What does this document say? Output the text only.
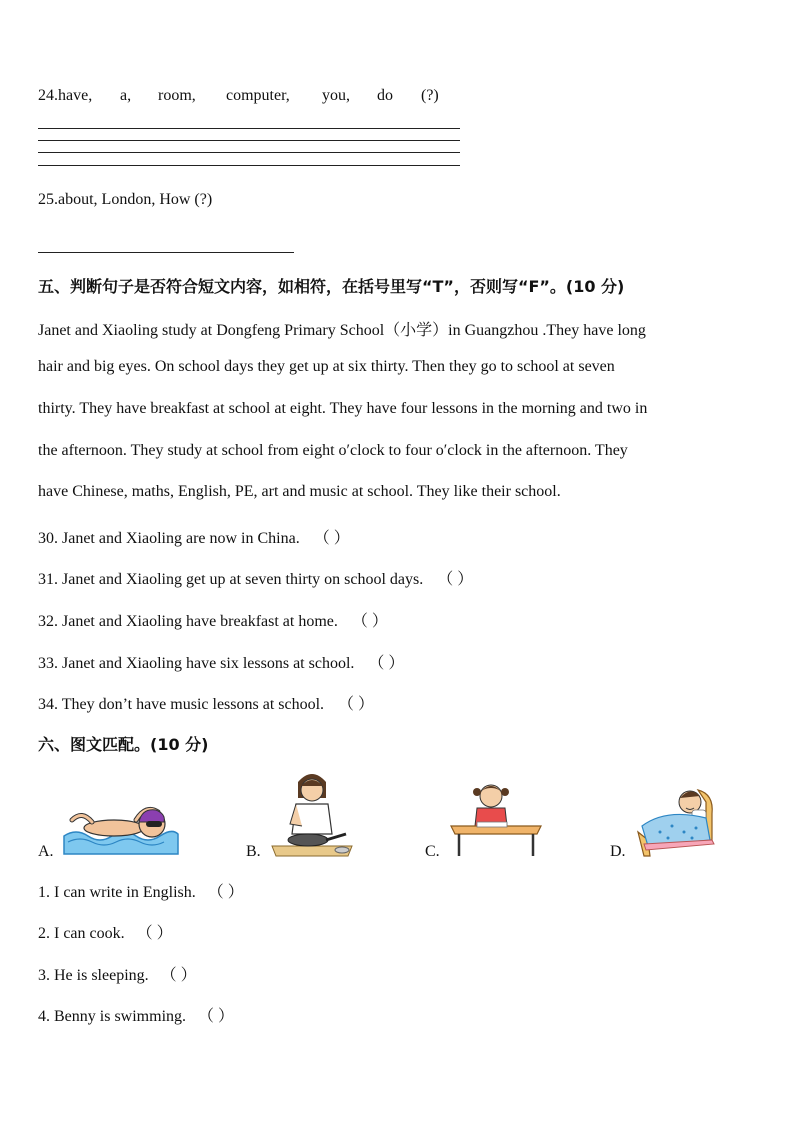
24.have, a, room, computer, you, do (?)
25.about, London, How (?)
五、判断句子是否符合短文内容，如相符，在括号里写“T”，否则写“F”。(10 分)
Janet and Xiaoling study at Dongfeng Primary School（小学）in Guangzhou .They have long
hair and big eyes. On school days they get up at six thirty. Then they go to school at seven
thirty. They have breakfast at school at eight. They have four lessons in the morning and two in
the afternoon. They study at school from eight o′clock to four o′clock in the afternoon. They
have Chinese, maths, English, PE, art and music at school. They like their school.
30. Janet and Xiaoling are now in China. （ ）
31. Janet and Xiaoling get up at seven thirty on school days. （ ）
32. Janet and Xiaoling have breakfast at home. （ ）
33. Janet and Xiaoling have six lessons at school. （ ）
34. They don’t have music lessons at school. （ ）
六、图文匹配。(10 分)
A.	B.	C.	D.
1. I can write in English. （ ）
2. I can cook. （ ）
3. He is sleeping. （ ）
4. Benny is swimming. （ ）
